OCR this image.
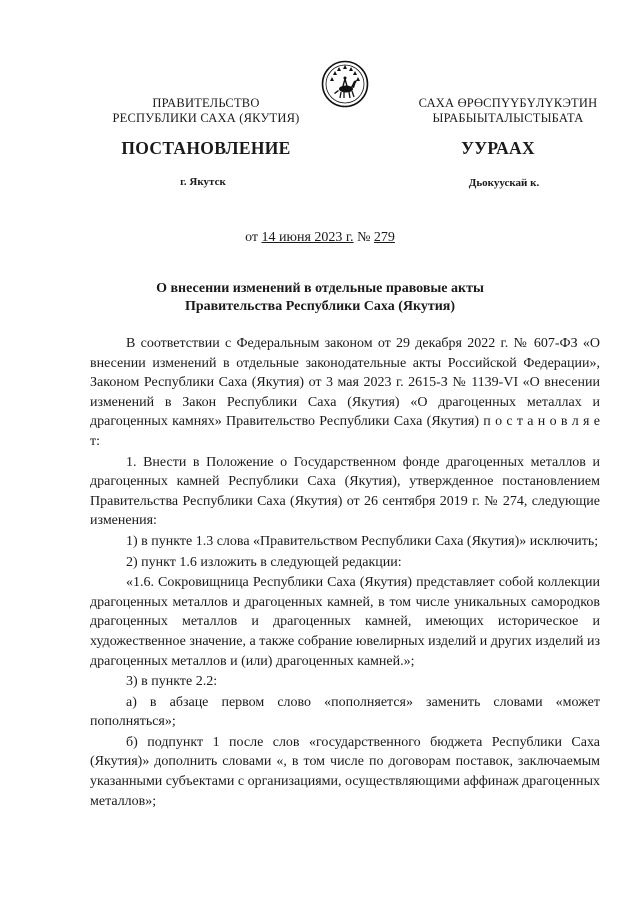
ПРАВИТЕЛЬСТВО
РЕСПУБЛИКИ САХА (ЯКУТИЯ)
САХА ӨРӨСПҮҮБҮЛҮКЭТИН
ЫРАБЫЫТАЛЫСТЫБАТА
ПОСТАНОВЛЕНИЕ	УУРААХ
г. Якутск	Дьокуускай к.
от 14 июня 2023 г. № 279
О внесении изменений в отдельные правовые акты
Правительства Республики Саха (Якутия)

В соответствии с Федеральным законом от 29 декабря 2022 г. № 607-ФЗ «О внесении изменений в отдельные законодательные акты Российской Федерации», Законом Республики Саха (Якутия) от 3 мая 2023 г. 2615-З № 1139-VI «О внесении изменений в Закон Республики Саха (Якутия) «О драгоценных металлах и драгоценных камнях» Правительство Республики Саха (Якутия) п о с т а н о в л я е т:

1. Внести в Положение о Государственном фонде драгоценных металлов и драгоценных камней Республики Саха (Якутия), утвержденное постановлением Правительства Республики Саха (Якутия) от 26 сентября 2019 г. № 274, следующие изменения:

1) в пункте 1.3 слова «Правительством Республики Саха (Якутия)» исключить;

2) пункт 1.6 изложить в следующей редакции:

«1.6. Сокровищница Республики Саха (Якутия) представляет собой коллекции драгоценных металлов и драгоценных камней, в том числе уникальных самородков драгоценных металлов и драгоценных камней, имеющих историческое и художественное значение, а также собрание ювелирных изделий и других изделий из драгоценных металлов и (или) драгоценных камней.»;

3) в пункте 2.2:

а) в абзаце первом слово «пополняется» заменить словами «может пополняться»;

б) подпункт 1 после слов «государственного бюджета Республики Саха (Якутия)» дополнить словами «, в том числе по договорам поставок, заключаемым указанными субъектами с организациями, осуществляющими аффинаж драгоценных металлов»;
